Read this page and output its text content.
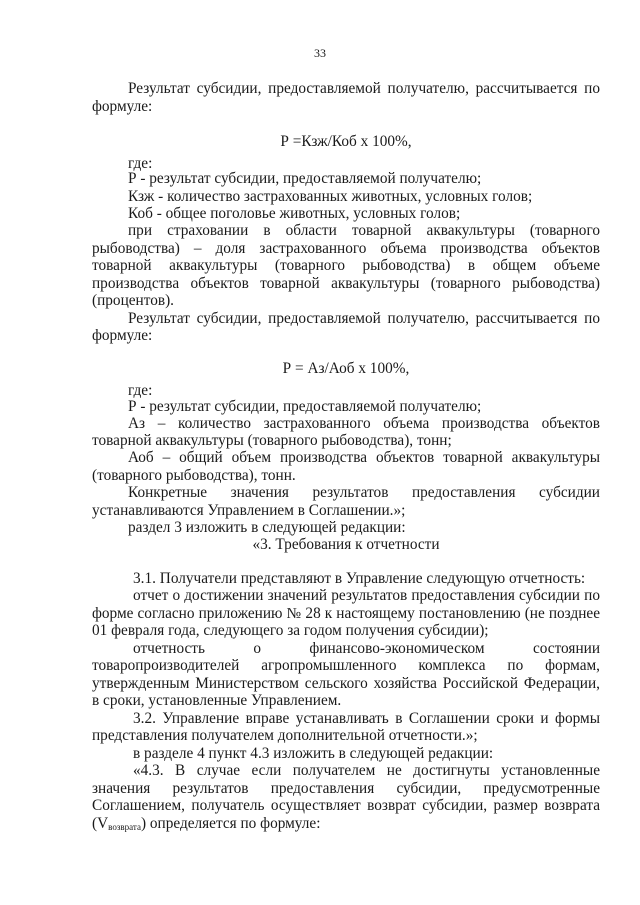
33
Результат субсидии, предоставляемой получателю, рассчитывается по
формуле:
Р =Кзж/Коб х 100%,
где:
Р - результат субсидии, предоставляемой получателю;
Кзж - количество застрахованных животных, условных голов;
Коб - общее поголовье животных, условных голов;
при страховании в области товарной аквакультуры (товарного
рыбоводства) – доля застрахованного объема производства объектов
товарной аквакультуры (товарного рыбоводства) в общем объеме
производства объектов товарной аквакультуры (товарного рыбоводства)
(процентов).
Результат субсидии, предоставляемой получателю, рассчитывается по
формуле:
Р = Аз/Аоб х 100%,
где:
Р - результат субсидии, предоставляемой получателю;
Аз – количество застрахованного объема производства объектов
товарной аквакультуры (товарного рыбоводства), тонн;
Аоб – общий объем производства объектов товарной аквакультуры
(товарного рыбоводства), тонн.
Конкретные значения результатов предоставления субсидии
устанавливаются Управлением в Соглашении.»;
раздел 3 изложить в следующей редакции:
«3. Требования к отчетности
3.1. Получатели представляют в Управление следующую отчетность:
отчет о достижении значений результатов предоставления субсидии по
форме согласно приложению № 28 к настоящему постановлению (не позднее
01 февраля года, следующего за годом получения субсидии);
отчетность о финансово-экономическом состоянии
товаропроизводителей агропромышленного комплекса по формам,
утвержденным Министерством сельского хозяйства Российской Федерации,
в сроки, установленные Управлением.
3.2. Управление вправе устанавливать в Соглашении сроки и формы
представления получателем дополнительной отчетности.»;
в разделе 4 пункт 4.3 изложить в следующей редакции:
«4.3. В случае если получателем не достигнуты установленные
значения результатов предоставления субсидии, предусмотренные
Соглашением, получатель осуществляет возврат субсидии, размер возврата
$(V_{возврата})$ определяется по формуле:
